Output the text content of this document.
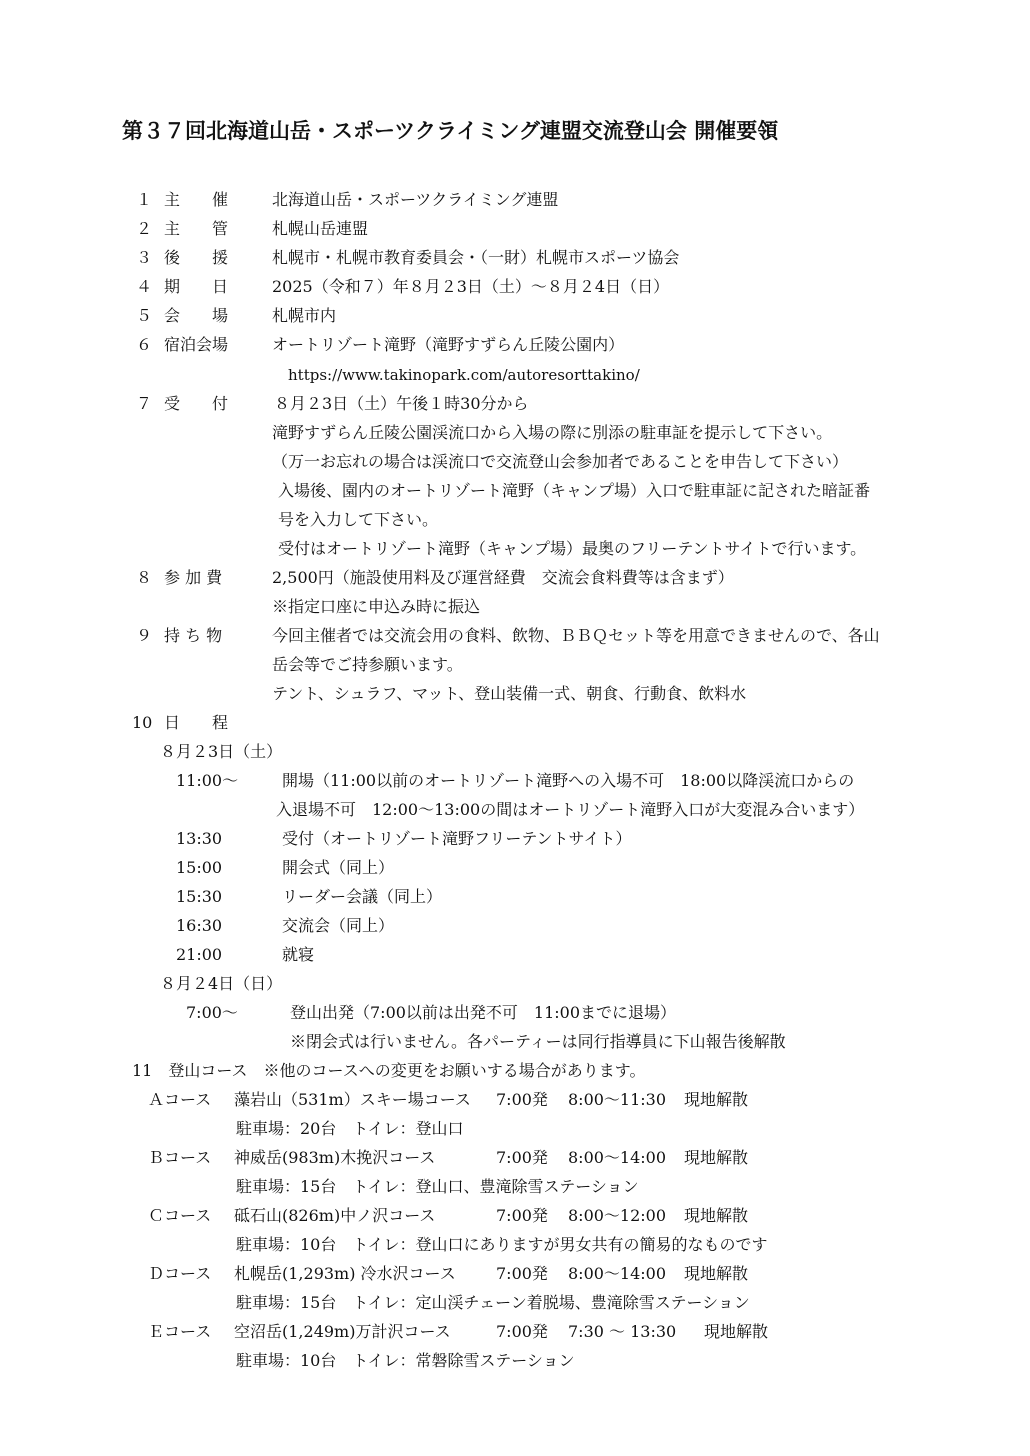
第３７回北海道山岳・スポーツクライミング連盟交流登山会 開催要領
１ 主　　催	北海道山岳・スポーツクライミング連盟
２ 主　　管	札幌山岳連盟
３ 後　　援	札幌市・札幌市教育委員会・（一財）札幌市スポーツ協会
４ 期　　日	2025（令和７）年８月２3日（土）～８月２4日（日）
５ 会　　場	札幌市内
６ 宿泊会場	オートリゾート滝野（滝野すずらん丘陵公園内）
https://www.takinopark.com/autoresorttakino/
７ 受　　付	８月２3日（土）午後１時30分から
滝野すずらん丘陵公園渓流口から入場の際に別添の駐車証を提示して下さい。
（万一お忘れの場合は渓流口で交流登山会参加者であることを申告して下さい）
入場後、園内のオートリゾート滝野（キャンプ場）入口で駐車証に記された暗証番
号を入力して下さい。
受付はオートリゾート滝野（キャンプ場）最奥のフリーテントサイトで行います。
８ 参 加 費	2,500円（施設使用料及び運営経費　交流会食料費等は含まず）
※指定口座に申込み時に振込
９ 持 ち 物	今回主催者では交流会用の食料、飲物、ＢＢＱセット等を用意できませんので、各山
岳会等でご持参願います。
テント、シュラフ、マット、登山装備一式、朝食、行動食、飲料水
10 日　　程
８月２3日（土）
11:00～	開場（11:00以前のオートリゾート滝野への入場不可　18:00以降渓流口からの
入退場不可　12:00～13:00の間はオートリゾート滝野入口が大変混み合います）
13:30	受付（オートリゾート滝野フリーテントサイト）
15:00	開会式（同上）
15:30	リーダー会議（同上）
16:30	交流会（同上）
21:00	就寝
８月２4日（日）
7:00～	登山出発（7:00以前は出発不可　11:00までに退場）
※閉会式は行いません。各パーティーは同行指導員に下山報告後解散
11　登山コース　※他のコースへの変更をお願いする場合があります。
Ａコース 藻岩山（531m）スキー場コース 7:00発 8:00～11:30 現地解散
駐車場：20台　トイレ：登山口
Ｂコース 神威岳(983m)木挽沢コース	7:00発 8:00～14:00 現地解散
駐車場：15台　トイレ：登山口、豊滝除雪ステーション
Ｃコース 砥石山(826m)中ノ沢コース	7:00発 8:00～12:00 現地解散
駐車場：10台　トイレ：登山口にありますが男女共有の簡易的なものです
Ｄコース 札幌岳(1,293m) 冷水沢コース	7:00発 8:00～14:00 現地解散
駐車場：15台　トイレ：定山渓チェーン着脱場、豊滝除雪ステーション
Ｅコース 空沼岳(1,249m)万計沢コース	7:00発 7:30 ～ 13:30 現地解散
駐車場：10台　トイレ：常磐除雪ステーション
